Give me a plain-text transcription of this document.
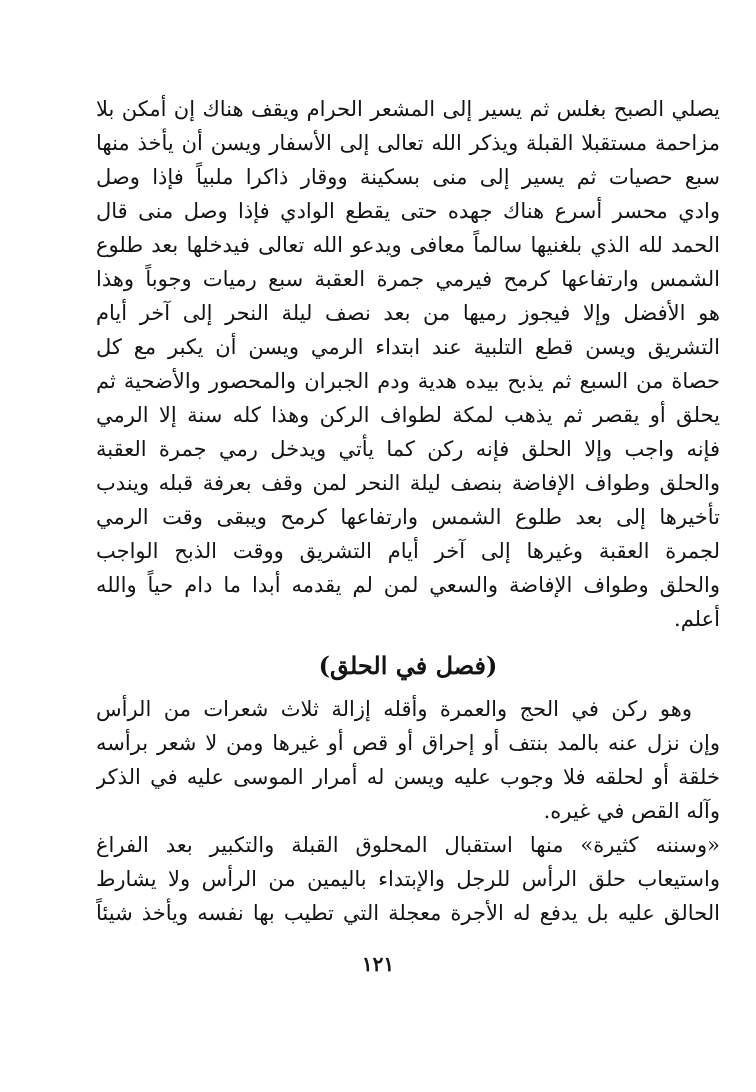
يصلي الصبح بغلس ثم يسير إلى المشعر الحرام ويقف هناك إن أمكن بلا
مزاحمة مستقبلا القبلة ويذكر الله تعالى إلى الأسفار ويسن أن يأخذ منها
سبع حصيات ثم يسير إلى منى بسكينة ووقار ذاكرا ملبياً فإذا وصل
وادي محسر أسرع هناك جهده حتى يقطع الوادي فإذا وصل منى قال
الحمد لله الذي بلغنيها سالماً معافى ويدعو الله تعالى فيدخلها بعد طلوع
الشمس وارتفاعها كرمح فيرمي جمرة العقبة سبع رميات وجوباً وهذا
هو الأفضل وإلا فيجوز رميها من بعد نصف ليلة النحر إلى آخر أيام
التشريق ويسن قطع التلبية عند ابتداء الرمي ويسن أن يكبر مع كل
حصاة من السبع ثم يذبح بيده هدية ودم الجبران والمحصور والأضحية ثم
يحلق أو يقصر ثم يذهب لمكة لطواف الركن وهذا كله سنة إلا الرمي
فإنه واجب وإلا الحلق فإنه ركن كما يأتي ويدخل رمي جمرة العقبة
والحلق وطواف الإفاضة بنصف ليلة النحر لمن وقف بعرفة قبله ويندب
تأخيرها إلى بعد طلوع الشمس وارتفاعها كرمح ويبقى وقت الرمي
لجمرة العقبة وغيرها إلى آخر أيام التشريق ووقت الذبح الواجب
والحلق وطواف الإفاضة والسعي لمن لم يقدمه أبدا ما دام حياً والله
أعلم.
(فصل في الحلق)
وهو ركن في الحج والعمرة وأقله إزالة ثلاث شعرات من الرأس
وإن نزل عنه بالمد بنتف أو إحراق أو قص أو غيرها ومن لا شعر برأسه
خلقة أو لحلقه فلا وجوب عليه ويسن له أمرار الموسى عليه في الذكر
وآله القص في غيره.
«وسننه كثيرة» منها استقبال المحلوق القبلة والتكبير بعد الفراغ
واستيعاب حلق الرأس للرجل والإبتداء باليمين من الرأس ولا يشارط
الحالق عليه بل يدفع له الأجرة معجلة التي تطيب بها نفسه ويأخذ شيئاً
١٢١
